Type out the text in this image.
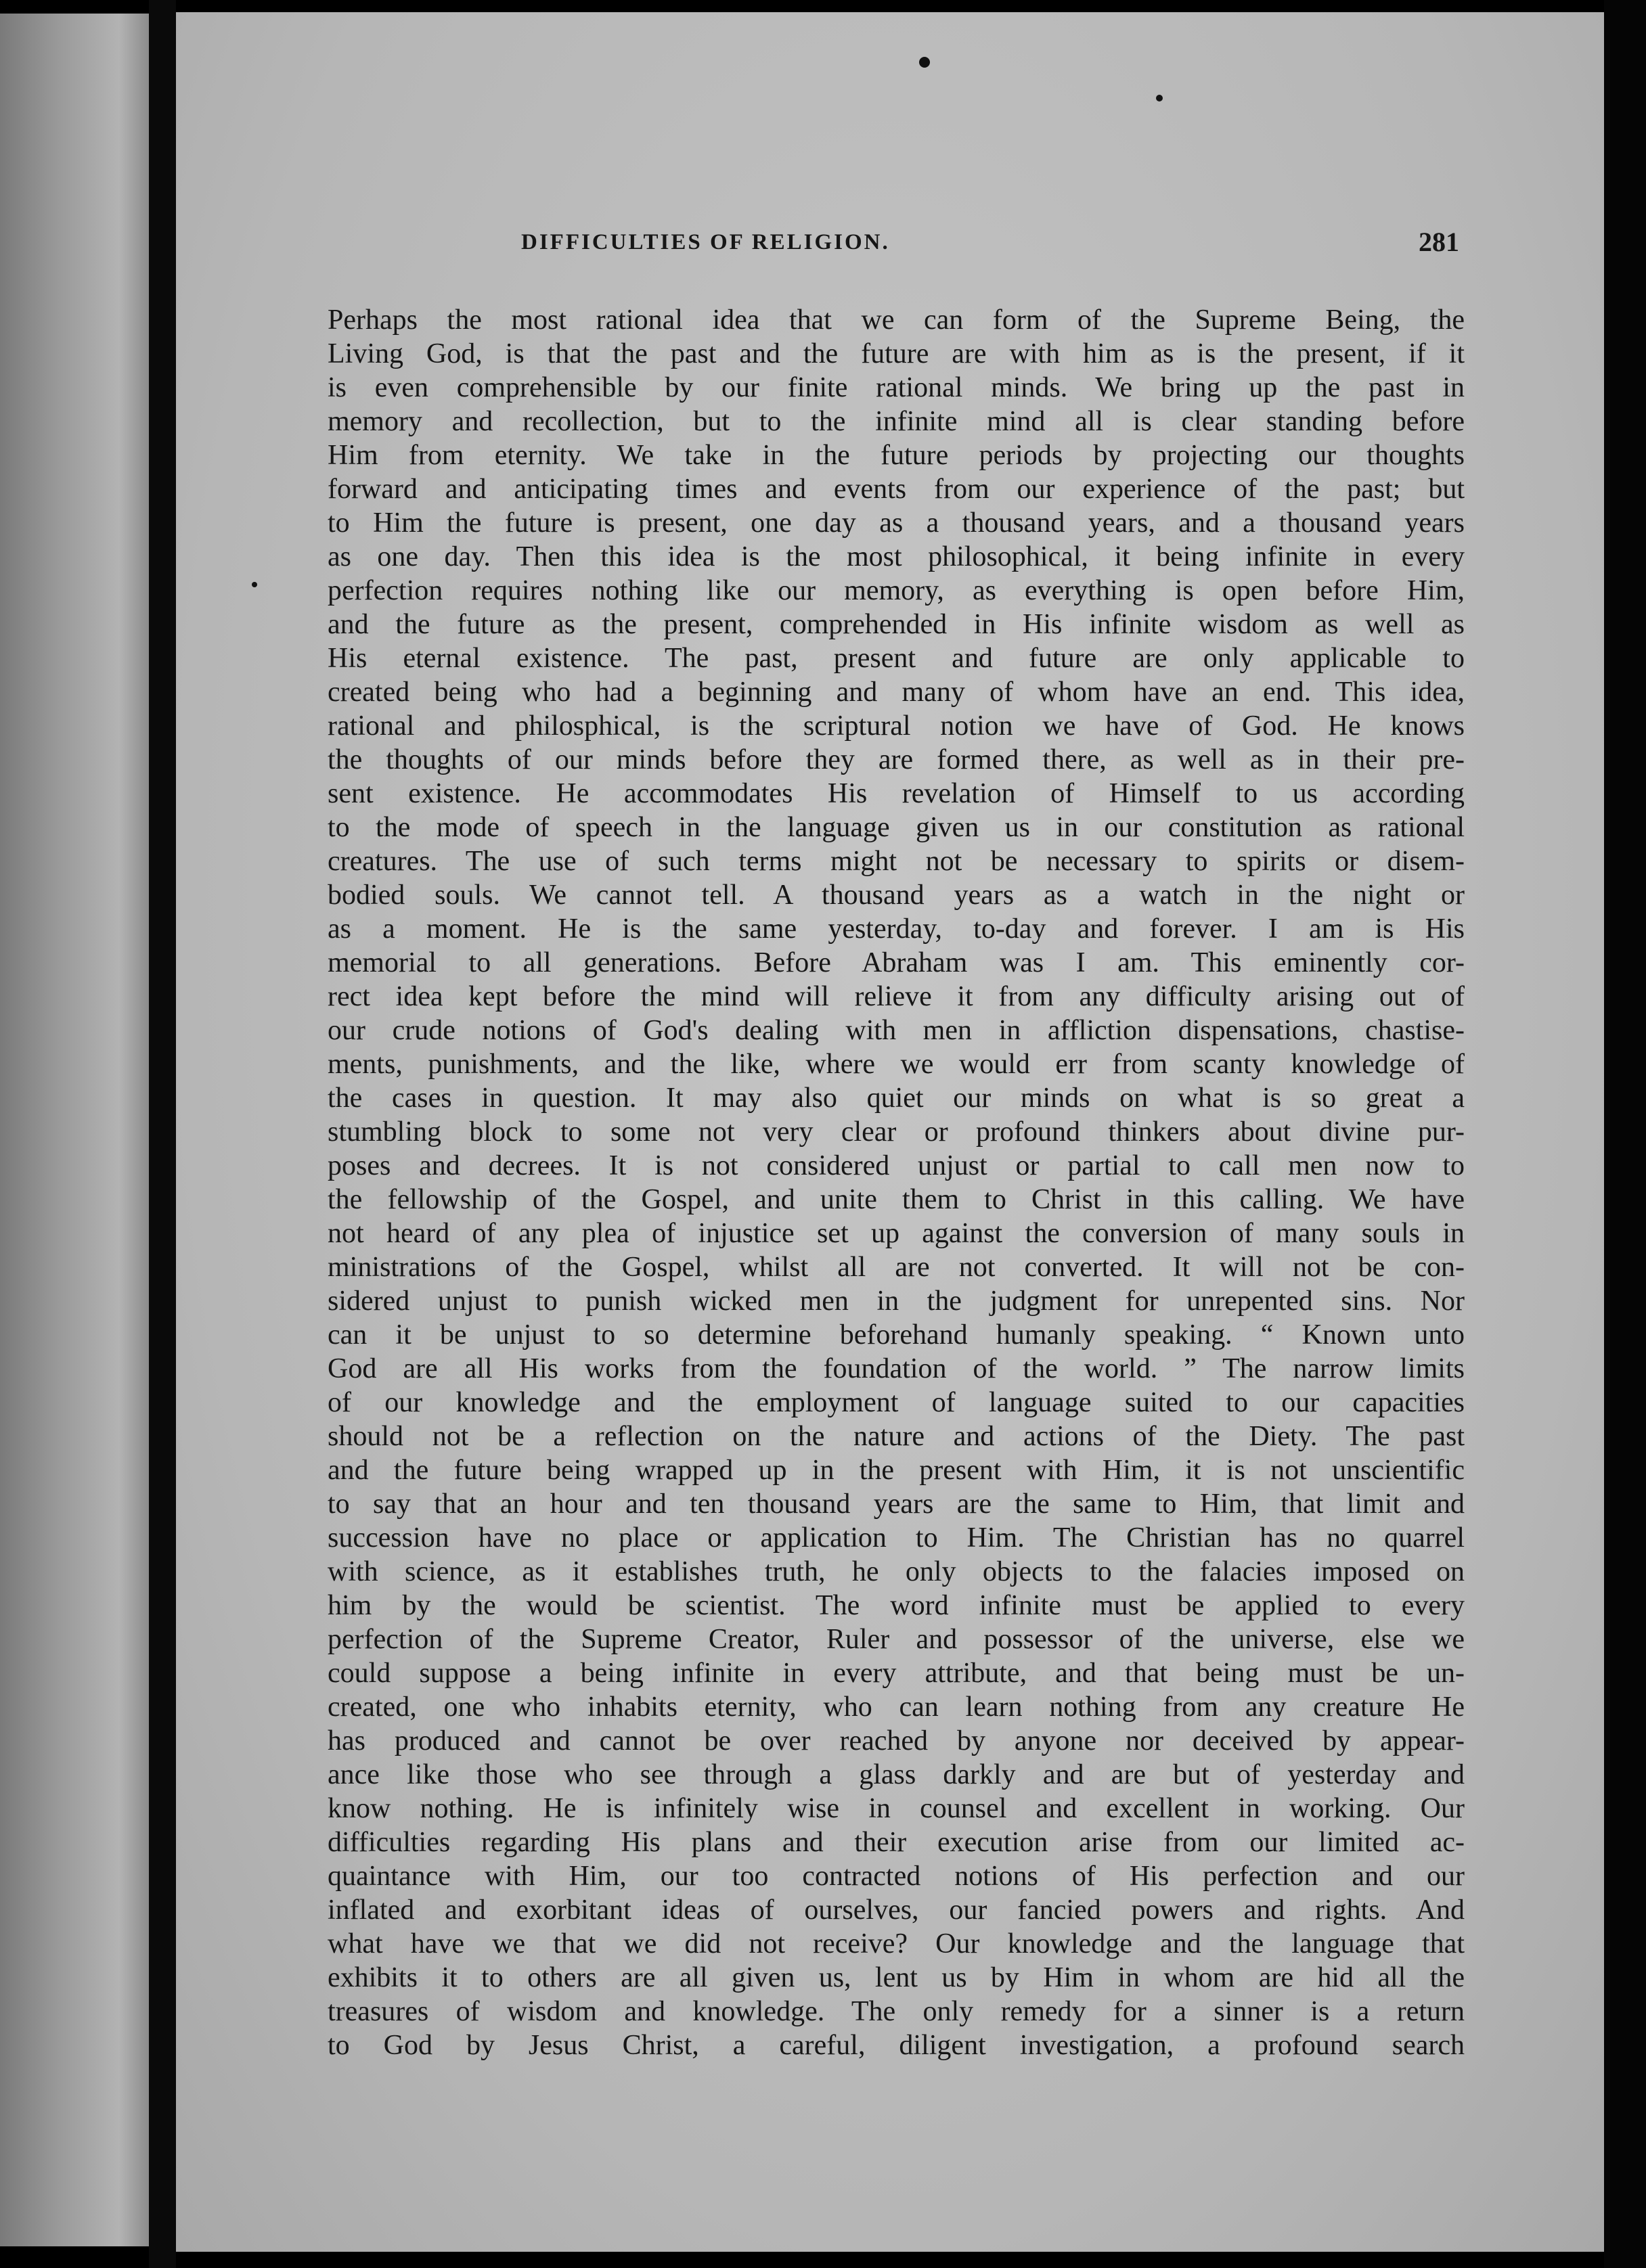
DIFFICULTIES OF RELIGION.	281
Perhaps the most rational idea that we can form of the Supreme Being, the
Living God, is that the past and the future are with him as is the present, if it
is even comprehensible by our finite rational minds. We bring up the past in
memory and recollection, but to the infinite mind all is clear standing before
Him from eternity. We take in the future periods by projecting our thoughts
forward and anticipating times and events from our experience of the past; but
to Him the future is present, one day as a thousand years, and a thousand years
as one day. Then this idea is the most philosophical, it being infinite in every
perfection requires nothing like our memory, as everything is open before Him,
and the future as the present, comprehended in His infinite wisdom as well as
His eternal existence. The past, present and future are only applicable to
created being who had a beginning and many of whom have an end. This idea,
rational and philosphical, is the scriptural notion we have of God. He knows
the thoughts of our minds before they are formed there, as well as in their pre-
sent existence. He accommodates His revelation of Himself to us according
to the mode of speech in the language given us in our constitution as rational
creatures. The use of such terms might not be necessary to spirits or disem-
bodied souls. We cannot tell. A thousand years as a watch in the night or
as a moment. He is the same yesterday, to-day and forever. I am is His
memorial to all generations. Before Abraham was I am. This eminently cor-
rect idea kept before the mind will relieve it from any difficulty arising out of
our crude notions of God's dealing with men in affliction dispensations, chastise-
ments, punishments, and the like, where we would err from scanty knowledge of
the cases in question. It may also quiet our minds on what is so great a
stumbling block to some not very clear or profound thinkers about divine pur-
poses and decrees. It is not considered unjust or partial to call men now to
the fellowship of the Gospel, and unite them to Christ in this calling. We have
not heard of any plea of injustice set up against the conversion of many souls in
ministrations of the Gospel, whilst all are not converted. It will not be con-
sidered unjust to punish wicked men in the judgment for unrepented sins. Nor
can it be unjust to so determine beforehand humanly speaking. “ Known unto
God are all His works from the foundation of the world. ” The narrow limits
of our knowledge and the employment of language suited to our capacities
should not be a reflection on the nature and actions of the Diety. The past
and the future being wrapped up in the present with Him, it is not unscientific
to say that an hour and ten thousand years are the same to Him, that limit and
succession have no place or application to Him. The Christian has no quarrel
with science, as it establishes truth, he only objects to the falacies imposed on
him by the would be scientist. The word infinite must be applied to every
perfection of the Supreme Creator, Ruler and possessor of the universe, else we
could suppose a being infinite in every attribute, and that being must be un-
created, one who inhabits eternity, who can learn nothing from any creature He
has produced and cannot be over reached by anyone nor deceived by appear-
ance like those who see through a glass darkly and are but of yesterday and
know nothing. He is infinitely wise in counsel and excellent in working. Our
difficulties regarding His plans and their execution arise from our limited ac-
quaintance with Him, our too contracted notions of His perfection and our
inflated and exorbitant ideas of ourselves, our fancied powers and rights. And
what have we that we did not receive? Our knowledge and the language that
exhibits it to others are all given us, lent us by Him in whom are hid all the
treasures of wisdom and knowledge. The only remedy for a sinner is a return
to God by Jesus Christ, a careful, diligent investigation, a profound search
